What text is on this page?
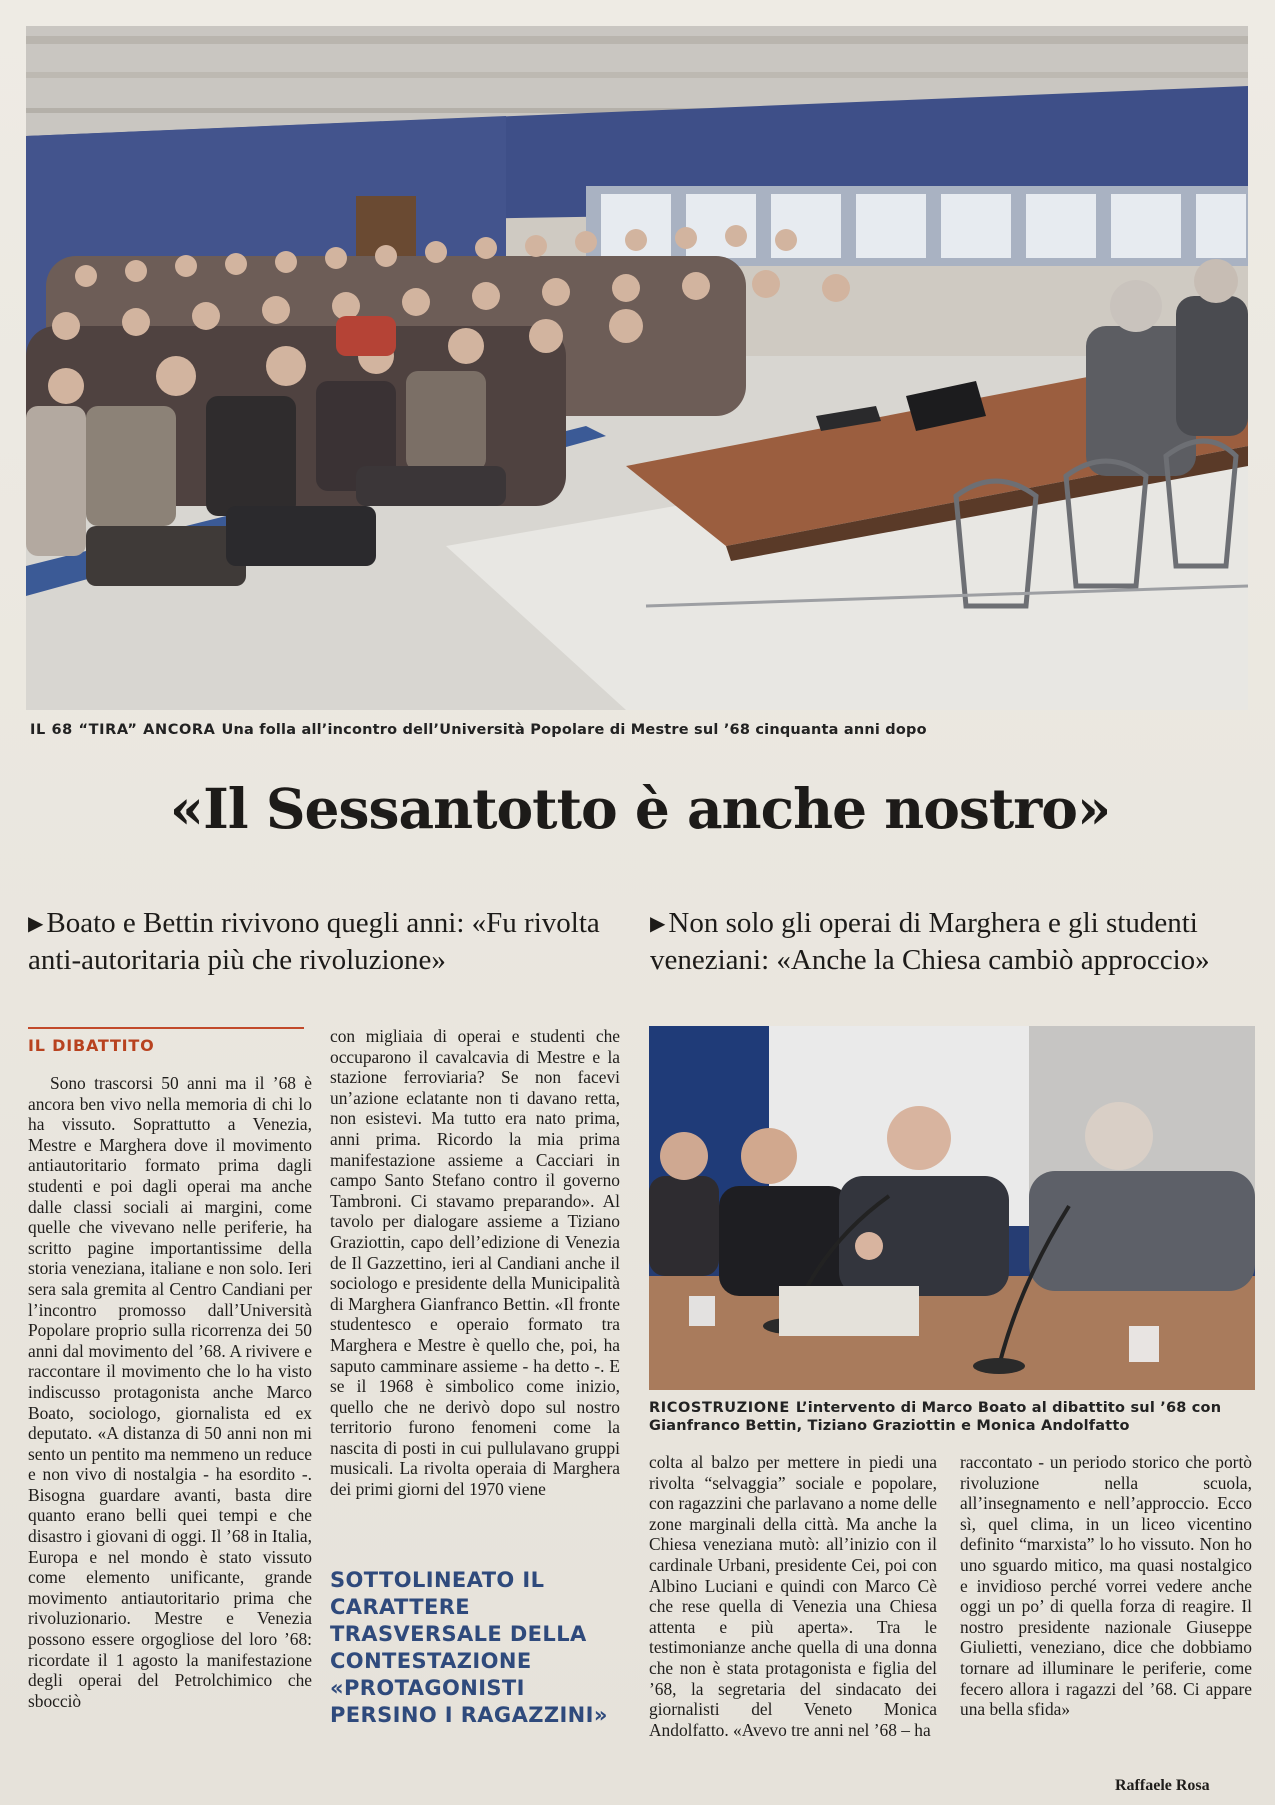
IL 68 “TIRA” ANCORA Una folla all’incontro dell’Università Popolare di Mestre sul ’68 cinquanta anni dopo
«Il Sessantotto è anche nostro»
▶ Boato e Bettin rivivono quegli anni: «Fu rivolta anti-autoritaria più che rivoluzione»
▶ Non solo gli operai di Marghera e gli studenti veneziani: «Anche la Chiesa cambiò approccio»
IL DIBATTITO

Sono trascorsi 50 anni ma il ’68 è ancora ben vivo nella memoria di chi lo ha vissuto. Soprattutto a Venezia, Mestre e Marghera dove il movimento antiautoritario formato prima dagli studenti e poi dagli operai ma anche dalle classi sociali ai margini, come quelle che vivevano nelle periferie, ha scritto pagine importantissime della storia veneziana, italiane e non solo. Ieri sera sala gremita al Centro Candiani per l’incontro promosso dall’Università Popolare proprio sulla ricorrenza dei 50 anni dal movimento del ’68. A rivivere e raccontare il movimento che lo ha visto indiscusso protagonista anche Marco Boato, sociologo, giornalista ed ex deputato. «A distanza di 50 anni non mi sento un pentito ma nemmeno un reduce e non vivo di nostalgia - ha esordito -. Bisogna guardare avanti, basta dire quanto erano belli quei tempi e che disastro i giovani di oggi. Il ’68 in Italia, Europa e nel mondo è stato vissuto come elemento unificante, grande movimento antiautoritario prima che rivoluzionario. Mestre e Venezia possono essere orgogliose del loro ’68: ricordate il 1 agosto la manifestazione degli operai del Petrolchimico che sbocciò

con migliaia di operai e studenti che occuparono il cavalcavia di Mestre e la stazione ferroviaria? Se non facevi un’azione eclatante non ti davano retta, non esistevi. Ma tutto era nato prima, anni prima. Ricordo la mia prima manifestazione assieme a Cacciari in campo Santo Stefano contro il governo Tambroni. Ci stavamo preparando». Al tavolo per dialogare assieme a Tiziano Graziottin, capo dell’edizione di Venezia de Il Gazzettino, ieri al Candiani anche il sociologo e presidente della Municipalità di Marghera Gianfranco Bettin. «Il fronte studentesco e operaio formato tra Marghera e Mestre è quello che, poi, ha saputo camminare assieme - ha detto -. E se il 1968 è simbolico come inizio, quello che ne derivò dopo sul nostro territorio furono fenomeni come la nascita di posti in cui pullulavano gruppi musicali. La rivolta operaia di Marghera dei primi giorni del 1970 viene

SOTTOLINEATO IL CARATTERE TRASVERSALE DELLA CONTESTAZIONE «PROTAGONISTI PERSINO I RAGAZZINI»
RICOSTRUZIONE L’intervento di Marco Boato al dibattito sul ’68 con
Gianfranco Bettin, Tiziano Graziottin e Monica Andolfatto

colta al balzo per mettere in piedi una rivolta “selvaggia” sociale e popolare, con ragazzini che parlavano a nome delle zone marginali della città. Ma anche la Chiesa veneziana mutò: all’inizio con il cardinale Urbani, presidente Cei, poi con Albino Luciani e quindi con Marco Cè che rese quella di Venezia una Chiesa attenta e più aperta». Tra le testimonianze anche quella di una donna che non è stata protagonista e figlia del ’68, la segretaria del sindacato dei giornalisti del Veneto Monica Andolfatto. «Avevo tre anni nel ’68 – ha

raccontato - un periodo storico che portò rivoluzione nella scuola, all’insegnamento e nell’approccio. Ecco sì, quel clima, in un liceo vicentino definito “marxista” lo ho vissuto. Non ho uno sguardo mitico, ma quasi nostalgico e invidioso perché vorrei vedere anche oggi un po’ di quella forza di reagire. Il nostro presidente nazionale Giuseppe Giulietti, veneziano, dice che dobbiamo tornare ad illuminare le periferie, come fecero allora i ragazzi del ’68. Ci appare una bella sfida»

Raffaele Rosa
